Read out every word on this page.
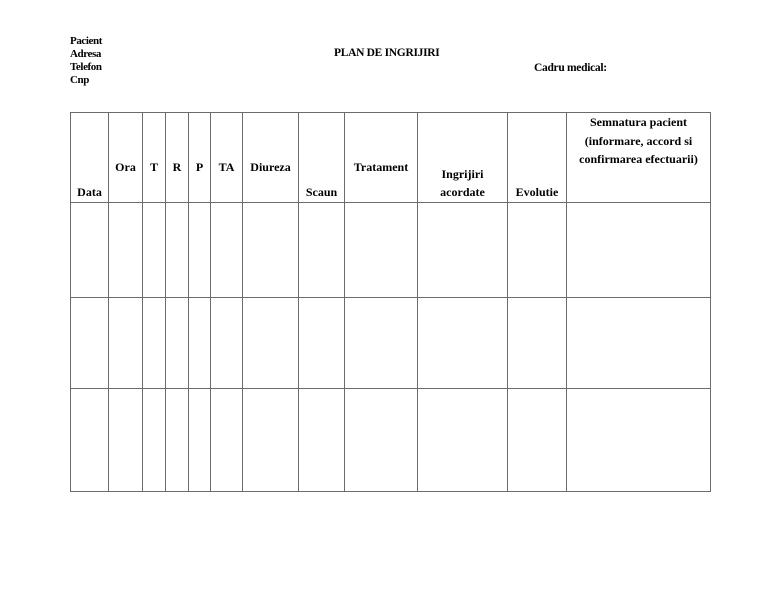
Pacient
Adresa
Telefon
Cnp
PLAN DE INGRIJIRI
Cadru medical:
Data	Ora	T	R	P	TA	Diureza	Scaun	Tratament	Ingrijiri acordate	Evolutie	Semnatura pacient (informare, accord si confirmarea efectuarii)
